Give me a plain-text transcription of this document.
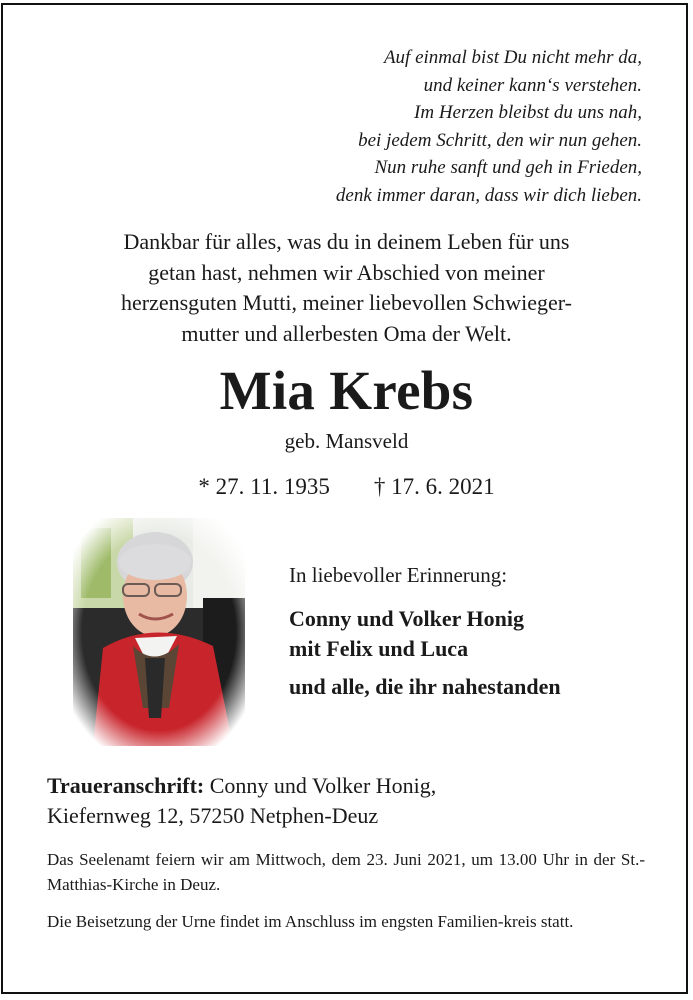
Auf einmal bist Du nicht mehr da,
und keiner kann‘s verstehen.
Im Herzen bleibst du uns nah,
bei jedem Schritt, den wir nun gehen.
Nun ruhe sanft und geh in Frieden,
denk immer daran, dass wir dich lieben.
Dankbar für alles, was du in deinem Leben für uns
getan hast, nehmen wir Abschied von meiner
herzensguten Mutti, meiner liebevollen Schwieger-
mutter und allerbesten Oma der Welt.
Mia Krebs
geb. Mansveld
* 27. 11. 1935 † 17. 6. 2021
In liebevoller Erinnerung:
Conny und Volker Honig
mit Felix und Luca
und alle, die ihr nahestanden
Traueranschrift: Conny und Volker Honig,
Kiefernweg 12, 57250 Netphen-Deuz
Das Seelenamt feiern wir am Mittwoch, dem 23. Juni 2021, um 13.00 Uhr in der St.-Matthias-Kirche in Deuz.
Die Beisetzung der Urne findet im Anschluss im engsten Familien-kreis statt.
